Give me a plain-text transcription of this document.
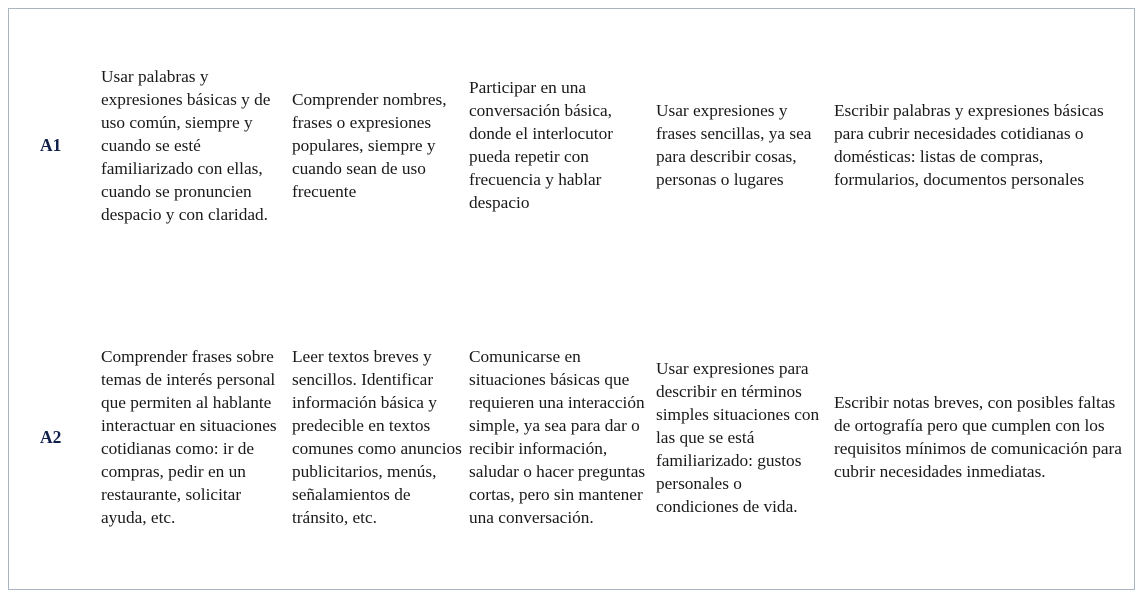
A1
Usar palabras y expresiones básicas y de uso común, siempre y cuando se esté familiarizado con ellas, cuando se pronuncien despacio y con claridad.
Comprender nombres, frases o expresiones populares, siempre y cuando sean de uso frecuente
Participar en una conversación básica, donde el interlocutor pueda repetir con frecuencia y hablar despacio
Usar expresiones y frases sencillas, ya sea para describir cosas, personas o lugares
Escribir palabras y expresiones básicas para cubrir necesidades cotidianas o domésticas: listas de compras, formularios, documentos personales
A2
Comprender frases sobre temas de interés personal que permiten al hablante interactuar en situaciones cotidianas como: ir de compras, pedir en un restaurante, solicitar ayuda, etc.
Leer textos breves y sencillos. Identificar información básica y predecible en textos comunes como anuncios publicitarios, menús, señalamientos de tránsito, etc.
Comunicarse en situaciones básicas que requieren una interacción simple, ya sea para dar o recibir información, saludar o hacer preguntas cortas, pero sin mantener una conversación.
Usar expresiones para describir en términos simples situaciones con las que se está familiarizado: gustos personales o condiciones de vida.
Escribir notas breves, con posibles faltas de ortografía pero que cumplen con los requisitos mínimos de comunicación para cubrir necesidades inmediatas.
